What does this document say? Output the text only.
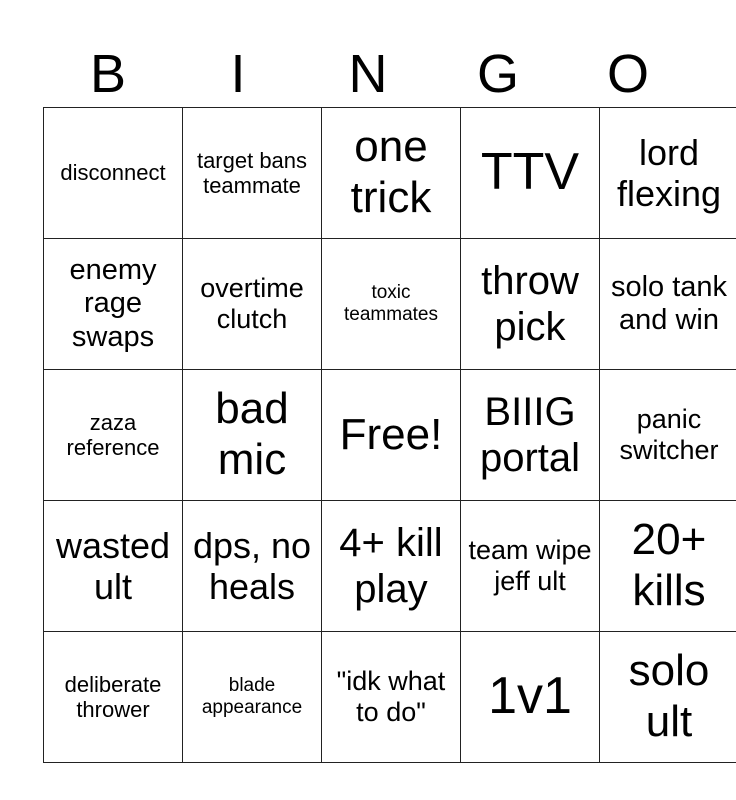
B	I	N	G	O
disconnect	target bans teammate	one trick	TTV	lord flexing
enemy rage swaps	overtime clutch	toxic teammates	throw pick	solo tank and win
zaza reference	bad mic	Free!	BIIIG portal	panic switcher
wasted ult	dps, no heals	4+ kill play	team wipe jeff ult	20+ kills
deliberate thrower	blade appearance	"idk what to do"	1v1	solo ult
